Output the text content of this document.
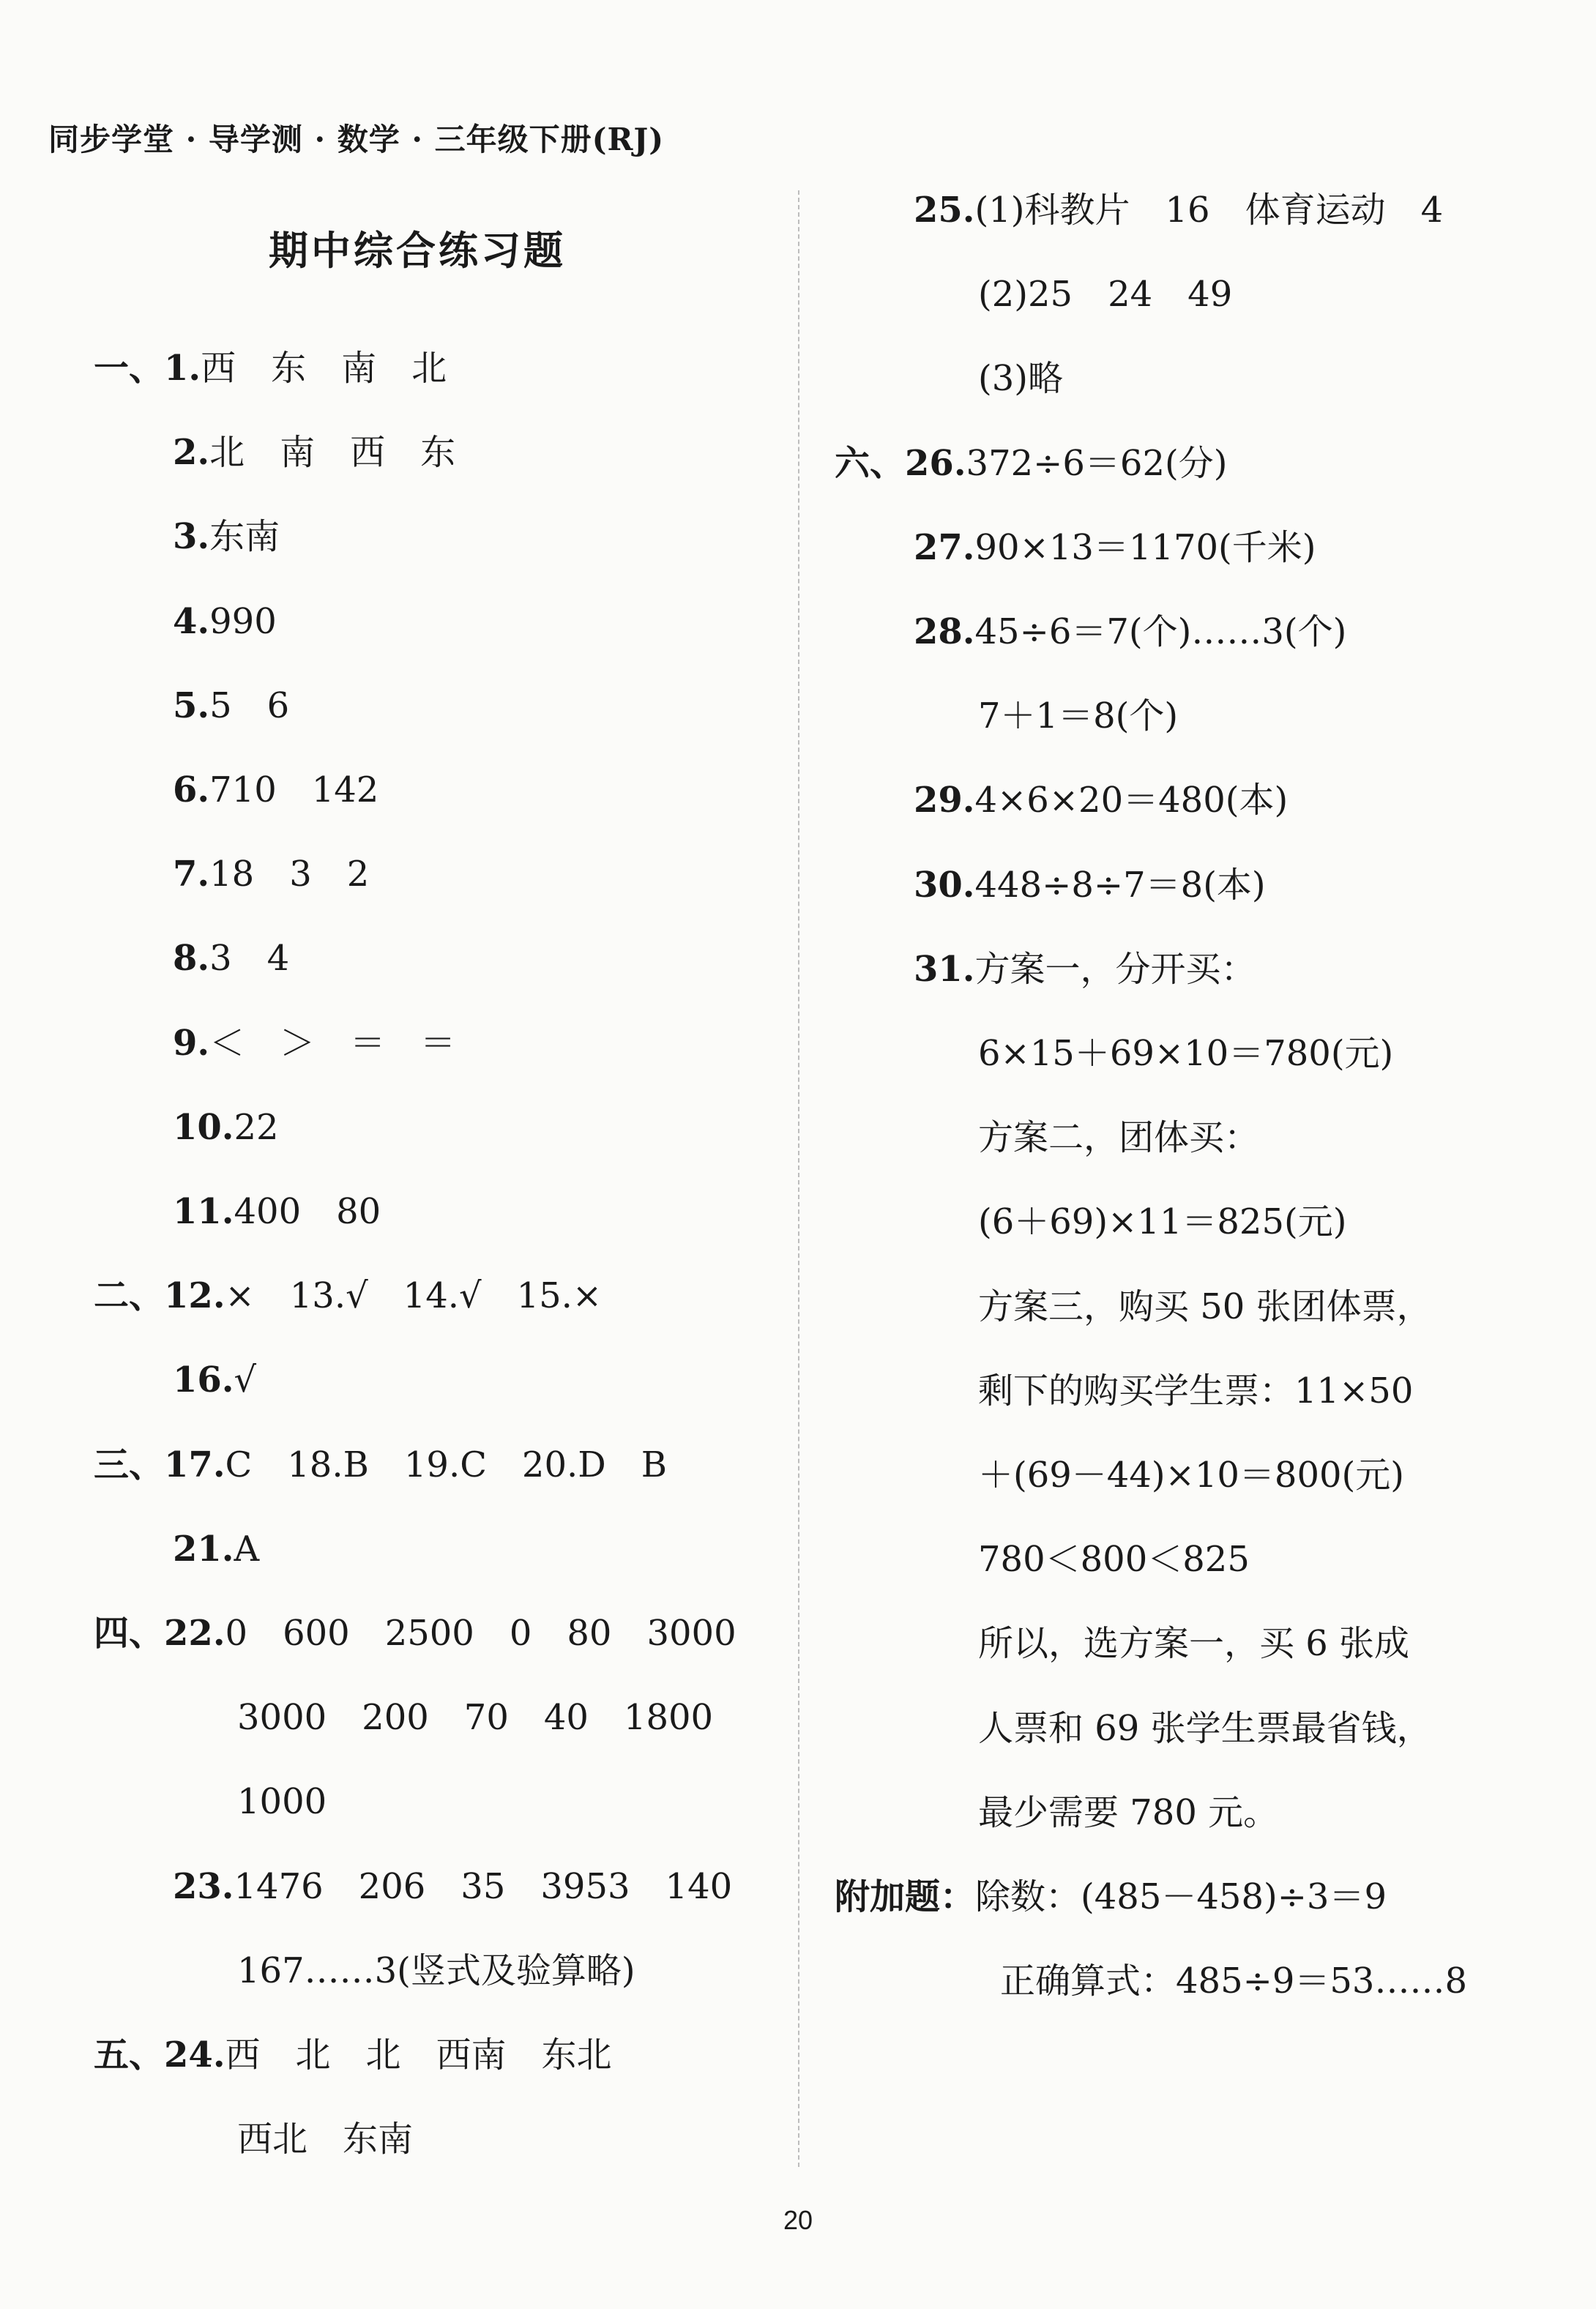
同步学堂 · 导学测 · 数学 · 三年级下册(RJ)
期中综合练习题
一、1.西　东　南　北
2.北　南　西　东
3.东南
4.990
5.5　6
6.710　142
7.18　3　2
8.3　4
9.＜　＞　＝　＝
10.22
11.400　80
二、12.×　13.√　14.√　15.×
16.√
三、17.C　18.B　19.C　20.D　B
21.A
四、22.0　600　2500　0　80　3000
3000　200　70　40　1800
1000
23.1476　206　35　3953　140
167……3(竖式及验算略)
五、24.西　北　北　西南　东北
西北　东南
25.(1)科教片　16　体育运动　4
(2)25　24　49
(3)略
六、26.372÷6＝62(分)
27.90×13＝1170(千米)
28.45÷6＝7(个)……3(个)
7＋1＝8(个)
29.4×6×20＝480(本)
30.448÷8÷7＝8(本)
31.方案一，分开买：
6×15＋69×10＝780(元)
方案二，团体买：
(6＋69)×11＝825(元)
方案三，购买 50 张团体票，
剩下的购买学生票：11×50
＋(69－44)×10＝800(元)
780＜800＜825
所以，选方案一，买 6 张成
人票和 69 张学生票最省钱，
最少需要 780 元。
附加题：除数：(485－458)÷3＝9
正确算式：485÷9＝53……8
20
